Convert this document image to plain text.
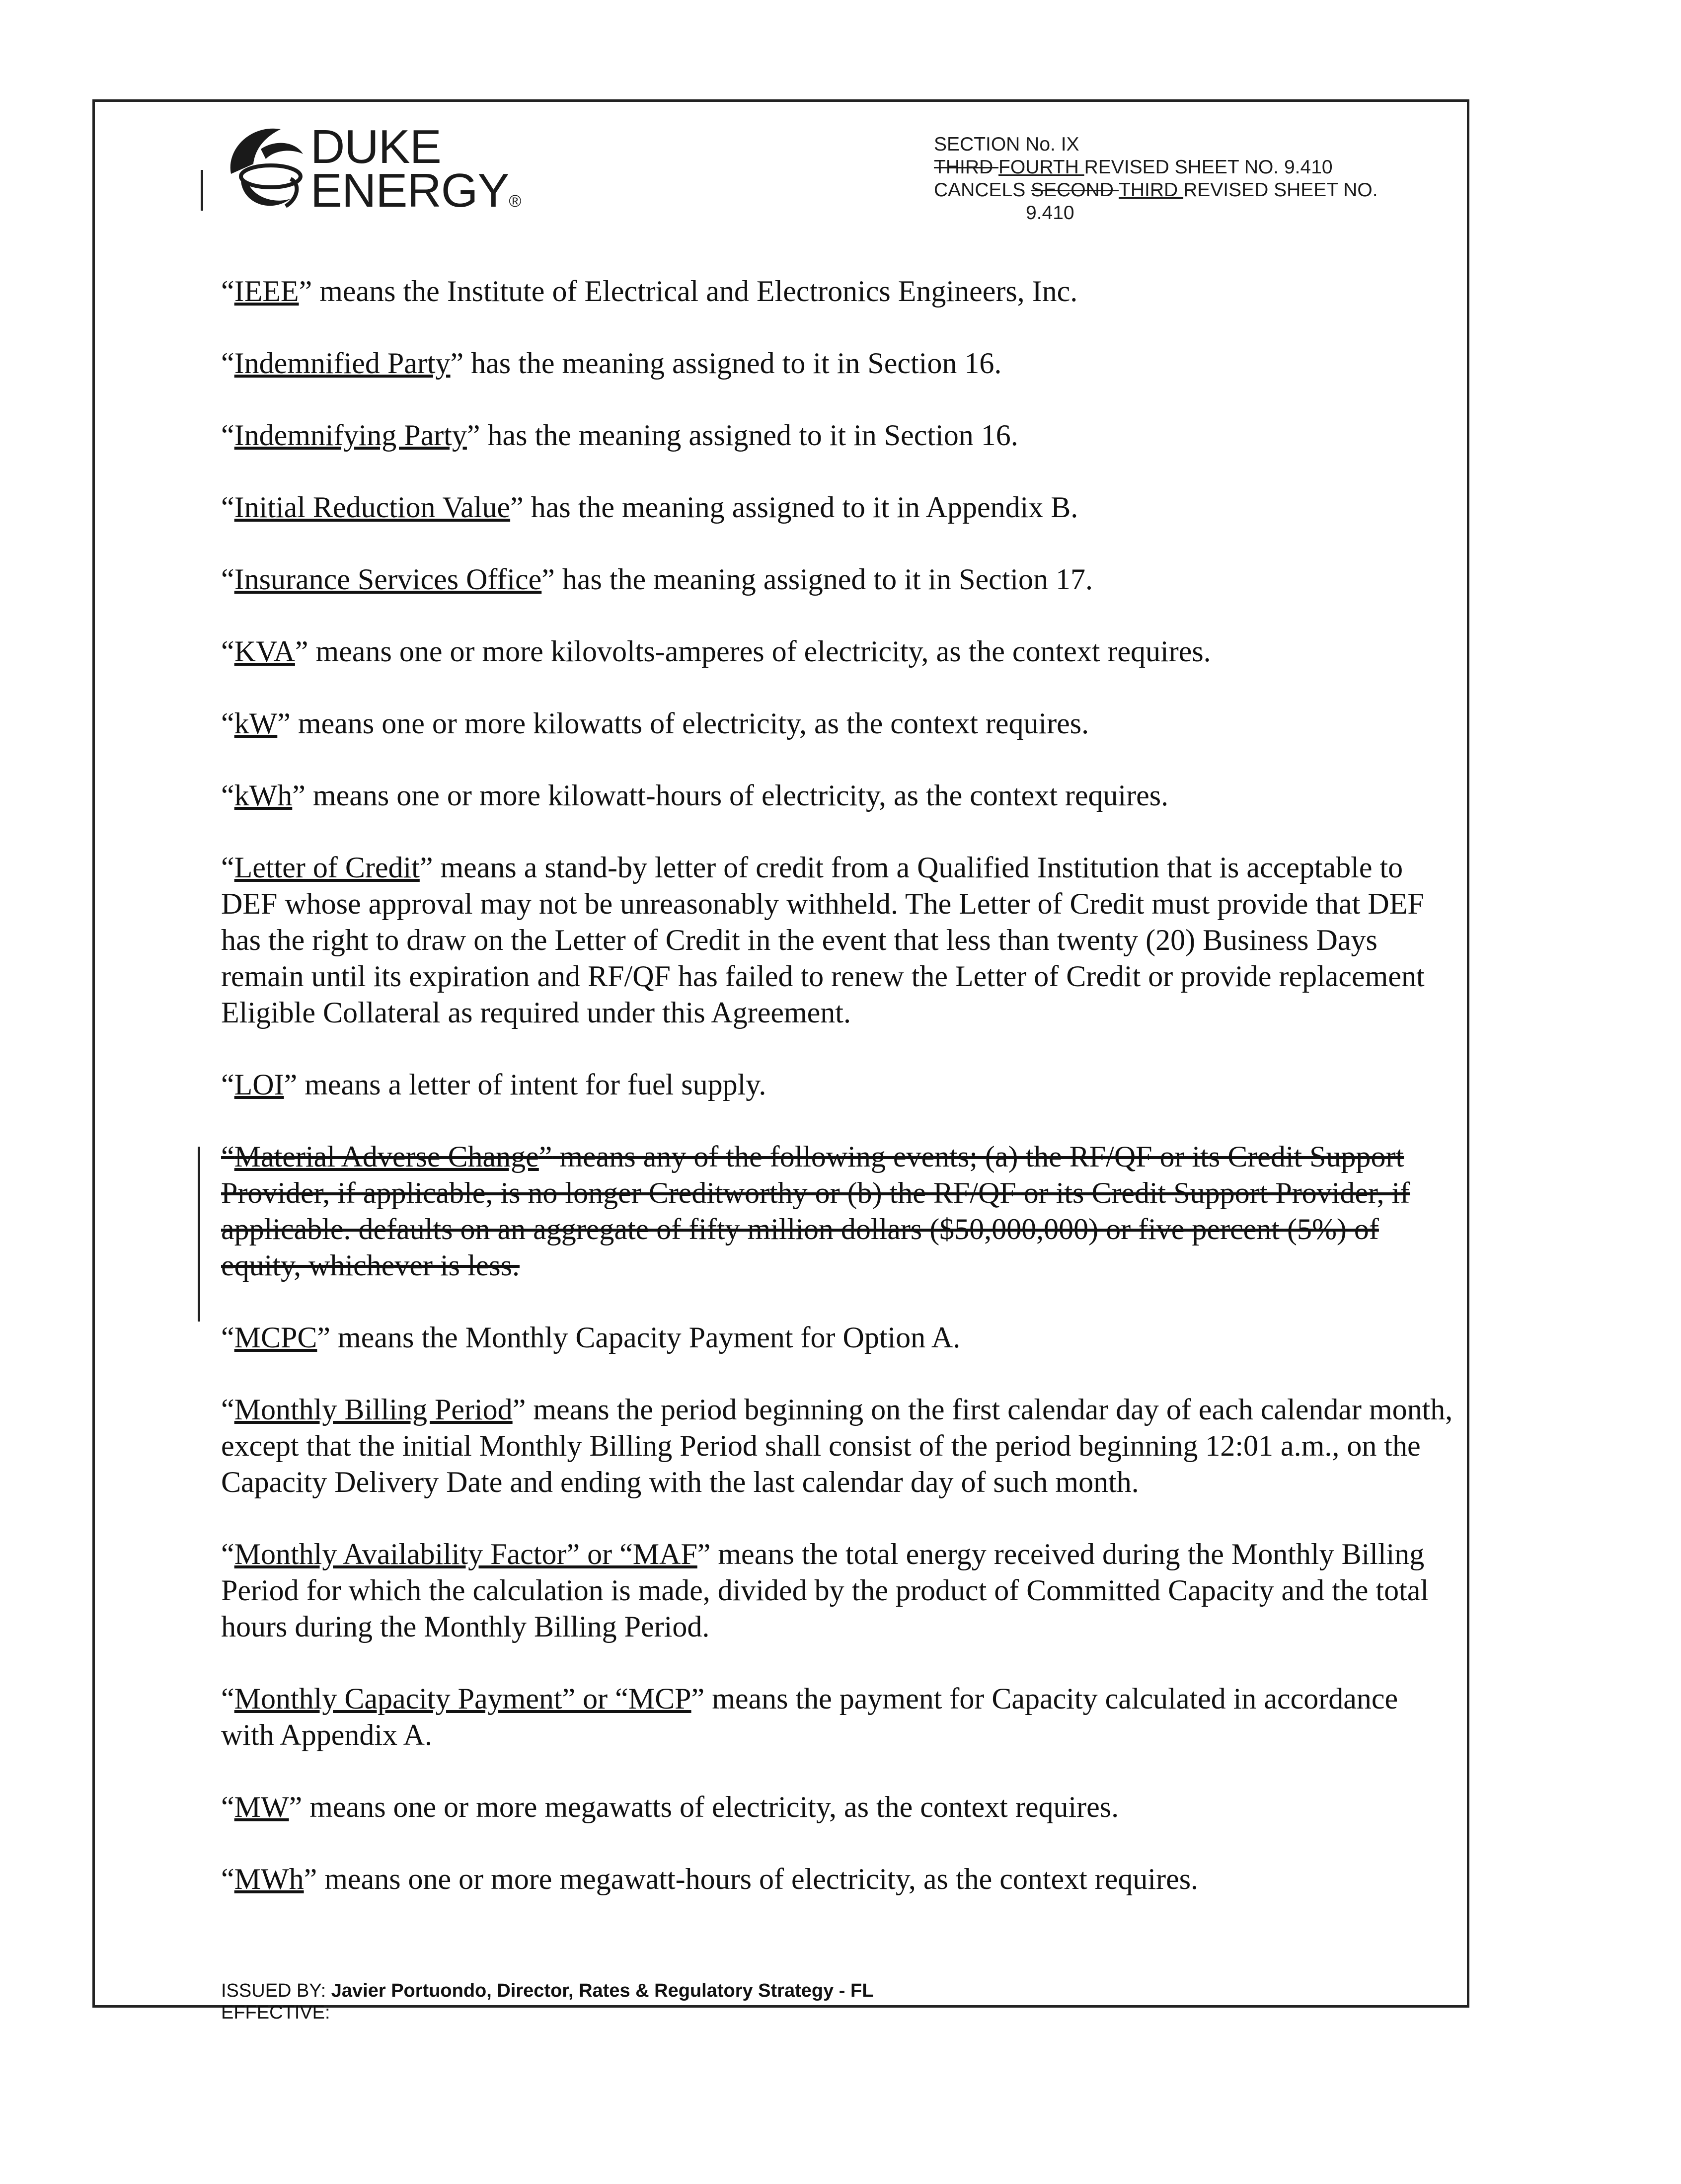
DUKE
ENERGY®
SECTION No. IX
THIRD FOURTH REVISED SHEET NO. 9.410
CANCELS SECOND THIRD REVISED SHEET NO.
9.410

“IEEE” means the Institute of Electrical and Electronics Engineers, Inc.

“Indemnified Party” has the meaning assigned to it in Section 16.

“Indemnifying Party” has the meaning assigned to it in Section 16.

“Initial Reduction Value” has the meaning assigned to it in Appendix B.

“Insurance Services Office” has the meaning assigned to it in Section 17.

“KVA” means one or more kilovolts-amperes of electricity, as the context requires.

“kW” means one or more kilowatts of electricity, as the context requires.

“kWh” means one or more kilowatt-hours of electricity, as the context requires.

“Letter of Credit” means a stand-by letter of credit from a Qualified Institution that is acceptable to DEF whose approval may not be unreasonably withheld. The Letter of Credit must provide that DEF has the right to draw on the Letter of Credit in the event that less than twenty (20) Business Days remain until its expiration and RF/QF has failed to renew the Letter of Credit or provide replacement Eligible Collateral as required under this Agreement.

“LOI” means a letter of intent for fuel supply.

“Material Adverse Change” means any of the following events; (a) the RF/QF or its Credit Support Provider, if applicable, is no longer Creditworthy or (b) the RF/QF or its Credit Support Provider, if applicable. defaults on an aggregate of fifty million dollars ($50,000,000) or five percent (5%) of equity, whichever is less.

“MCPC” means the Monthly Capacity Payment for Option A.

“Monthly Billing Period” means the period beginning on the first calendar day of each calendar month, except that the initial Monthly Billing Period shall consist of the period beginning 12:01 a.m., on the Capacity Delivery Date and ending with the last calendar day of such month.

“Monthly Availability Factor” or “MAF” means the total energy received during the Monthly Billing Period for which the calculation is made, divided by the product of Committed Capacity and the total hours during the Monthly Billing Period.

“Monthly Capacity Payment” or “MCP” means the payment for Capacity calculated in accordance with Appendix A.

“MW” means one or more megawatts of electricity, as the context requires.

“MWh” means one or more megawatt-hours of electricity, as the context requires.

ISSUED BY: Javier Portuondo, Director, Rates & Regulatory Strategy - FL
EFFECTIVE:
